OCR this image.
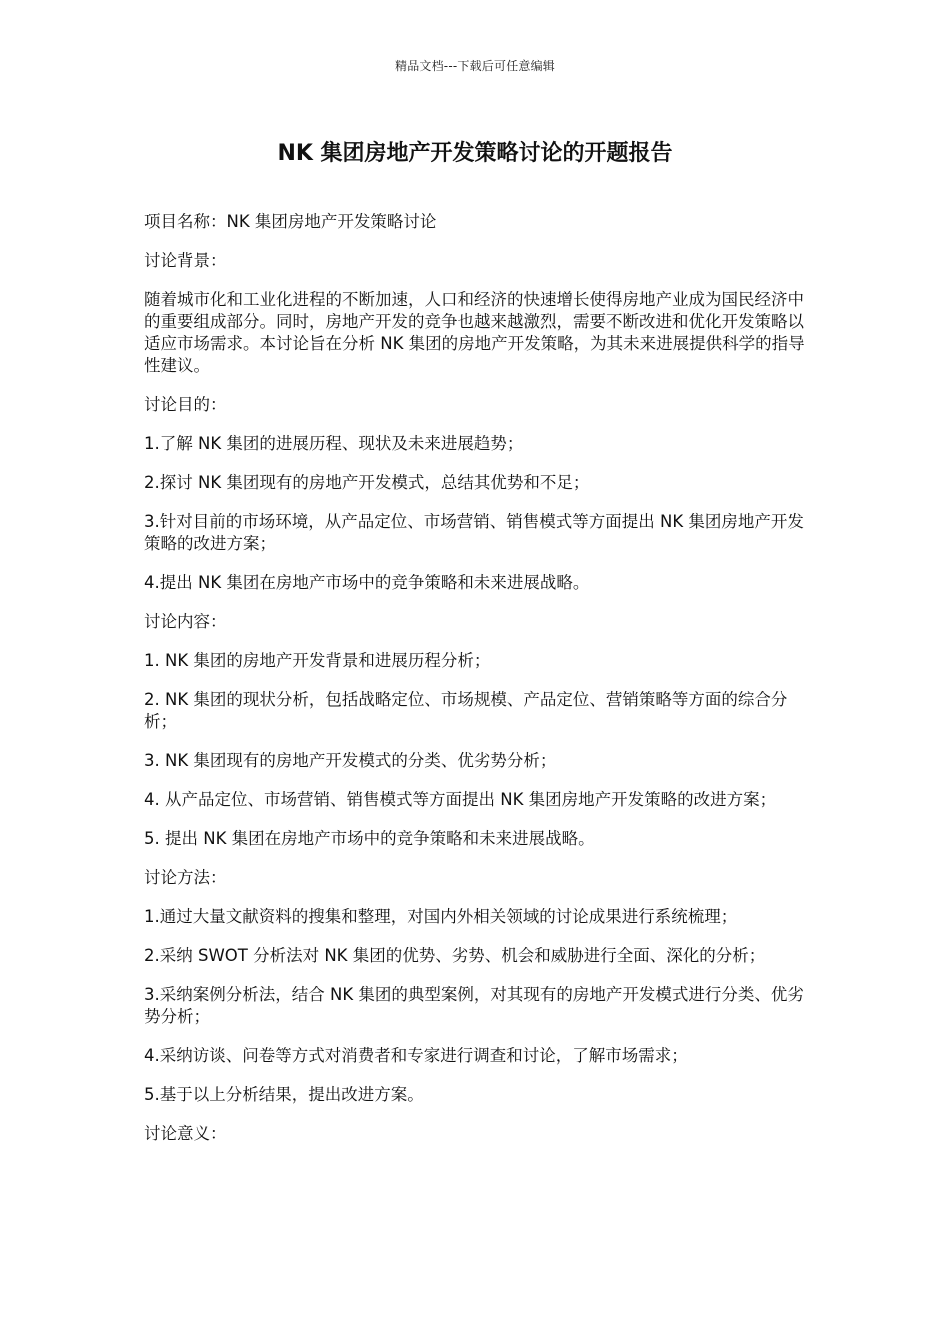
精品文档---下载后可任意编辑
NK 集团房地产开发策略讨论的开题报告

项目名称：NK 集团房地产开发策略讨论

讨论背景：

随着城市化和工业化进程的不断加速，人口和经济的快速增长使得房地产业成为国民经济中的重要组成部分。同时，房地产开发的竞争也越来越激烈，需要不断改进和优化开发策略以适应市场需求。本讨论旨在分析 NK 集团的房地产开发策略，为其未来进展提供科学的指导性建议。

讨论目的：

1.了解 NK 集团的进展历程、现状及未来进展趋势；

2.探讨 NK 集团现有的房地产开发模式，总结其优势和不足；

3.针对目前的市场环境，从产品定位、市场营销、销售模式等方面提出 NK 集团房地产开发策略的改进方案；

4.提出 NK 集团在房地产市场中的竞争策略和未来进展战略。

讨论内容：

1. NK 集团的房地产开发背景和进展历程分析；

2. NK 集团的现状分析，包括战略定位、市场规模、产品定位、营销策略等方面的综合分析；

3. NK 集团现有的房地产开发模式的分类、优劣势分析；

4. 从产品定位、市场营销、销售模式等方面提出 NK 集团房地产开发策略的改进方案；

5. 提出 NK 集团在房地产市场中的竞争策略和未来进展战略。

讨论方法：

1.通过大量文献资料的搜集和整理，对国内外相关领域的讨论成果进行系统梳理；

2.采纳 SWOT 分析法对 NK 集团的优势、劣势、机会和威胁进行全面、深化的分析；

3.采纳案例分析法，结合 NK 集团的典型案例，对其现有的房地产开发模式进行分类、优劣势分析；

4.采纳访谈、问卷等方式对消费者和专家进行调查和讨论，了解市场需求；

5.基于以上分析结果，提出改进方案。

讨论意义：
